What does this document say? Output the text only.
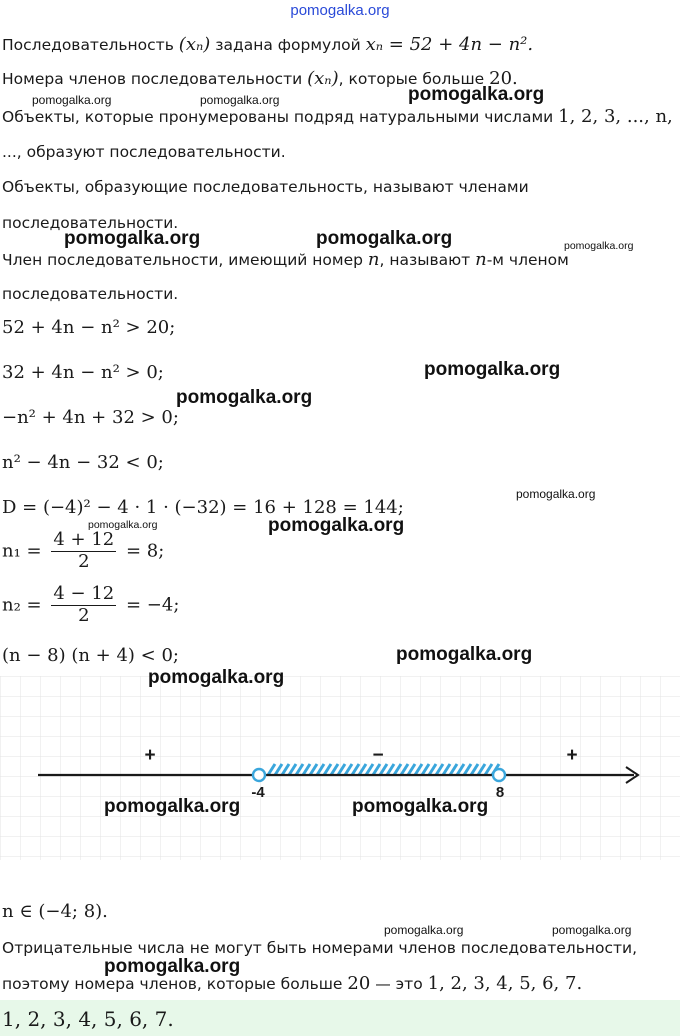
pomogalka.org
Последовательность (xₙ) задана формулой xₙ = 52 + 4n − n².
Номера членов последовательности (xₙ), которые больше 20.
Объекты, которые пронумерованы подряд натуральными числами 1, 2, 3, ..., n,
..., образуют последовательности.
Объекты, образующие последовательность, называют членами
последовательности.
Член последовательности, имеющий номер n, называют n-м членом
последовательности.
52 + 4n − n² > 20;
32 + 4n − n² > 0;
−n² + 4n + 32 > 0;
n² − 4n − 32 < 0;
D = (−4)² − 4 · 1 · (−32) = 16 + 128 = 144;
$n_1 = \frac{4 + 12}{2} = 8$;
$n_2 = \frac{4 - 12}{2} = -4$;
(n − 8) (n + 4) < 0;
-4	8
+	−	+
n ∈ (−4; 8).
Отрицательные числа не могут быть номерами членов последовательности,
поэтому номера членов, которые больше 20 — это 1, 2, 3, 4, 5, 6, 7.
1, 2, 3, 4, 5, 6, 7.
pomogalka.org	pomogalka.org	pomogalka.org
pomogalka.org	pomogalka.org	pomogalka.org
pomogalka.org
pomogalka.org
pomogalka.org
pomogalka.org	pomogalka.org
pomogalka.org
pomogalka.org
pomogalka.org	pomogalka.org
pomogalka.org	pomogalka.org
pomogalka.org
